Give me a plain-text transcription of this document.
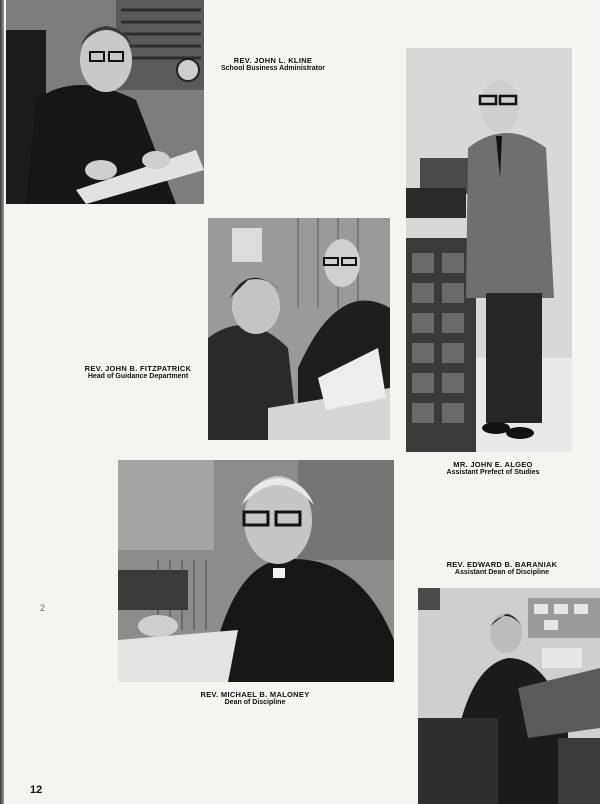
REV. JOHN L. KLINE
School Business Administrator
MR. JOHN E. ALGEO
Assistant Prefect of Studies
REV. JOHN B. FITZPATRICK
Head of Guidance Department
REV. MICHAEL B. MALONEY
Dean of Discipline
REV. EDWARD B. BARANIAK
Assistant Dean of Discipline
2
12
